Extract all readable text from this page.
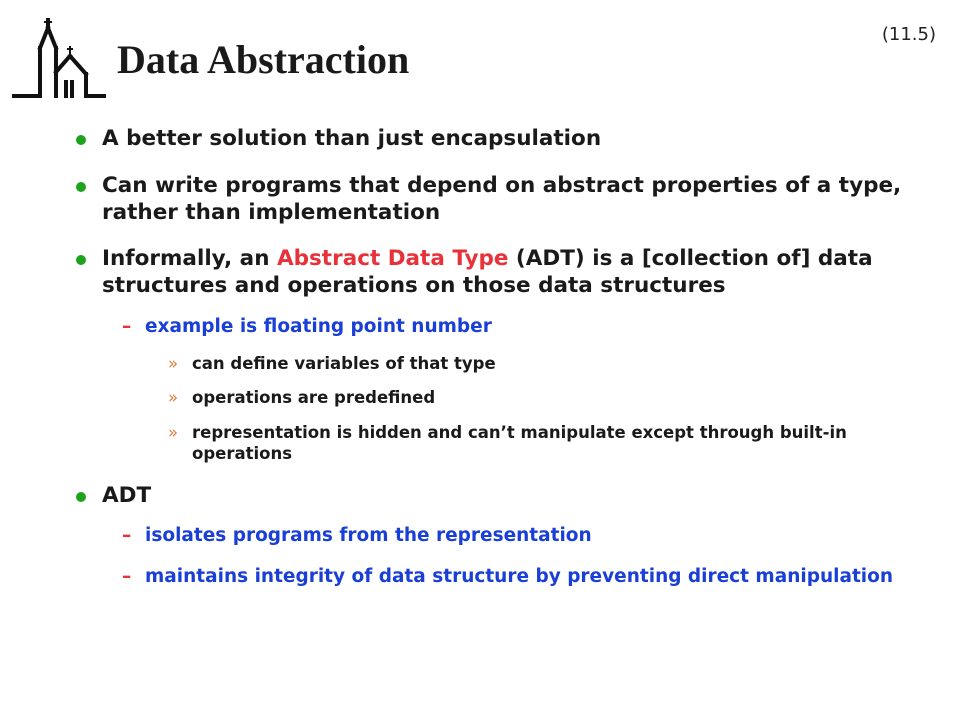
(11.5)
Data Abstraction
A better solution than just encapsulation
Can write programs that depend on abstract properties of a type, rather than implementation
Informally, an Abstract Data Type (ADT) is a [collection of] data structures and operations on those data structures
– example is floating point number
» can define variables of that type
» operations are predefined
» representation is hidden and can’t manipulate except through built-in operations
ADT
– isolates programs from the representation
– maintains integrity of data structure by preventing direct manipulation
